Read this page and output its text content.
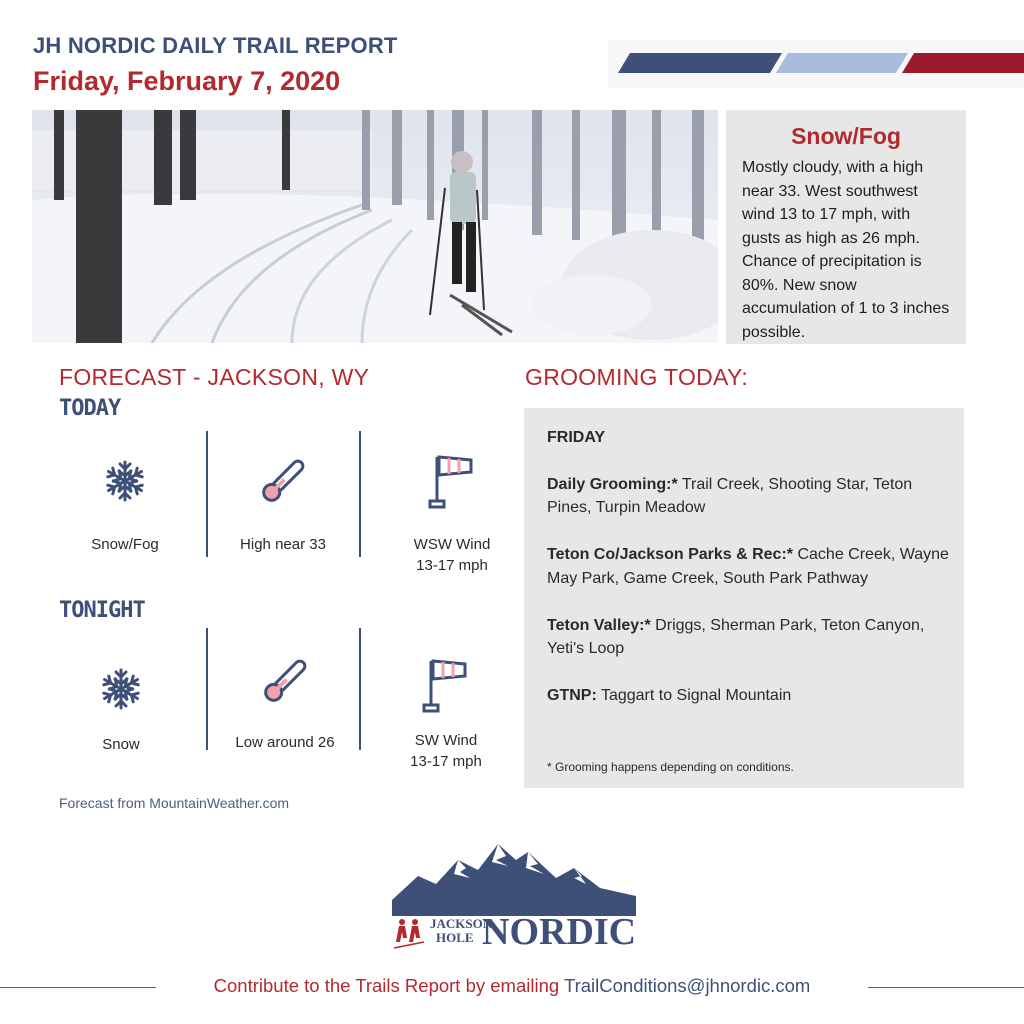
JH NORDIC DAILY TRAIL REPORT
Friday, February 7, 2020
Snow/Fog
Mostly cloudy, with a high near 33. West southwest wind 13 to 17 mph, with gusts as high as 26 mph. Chance of precipitation is 80%. New snow accumulation of 1 to 3 inches possible.
FORECAST - JACKSON, WY
TODAY
TONIGHT
Snow/Fog	High near 33	WSW Wind
13-17 mph
Snow	Low around 26	SW Wind
13-17 mph
Forecast from MountainWeather.com
GROOMING TODAY:
FRIDAY
Daily Grooming:* Trail Creek, Shooting Star, Teton Pines, Turpin Meadow
Teton Co/Jackson Parks & Rec:* Cache Creek, Wayne May Park, Game Creek, South Park Pathway
Teton Valley:* Driggs, Sherman Park, Teton Canyon, Yeti's Loop
GTNP: Taggart to Signal Mountain
* Grooming happens depending on conditions.
JACKSON
HOLE NORDIC
Contribute to the Trails Report by emailing TrailConditions@jhnordic.com
